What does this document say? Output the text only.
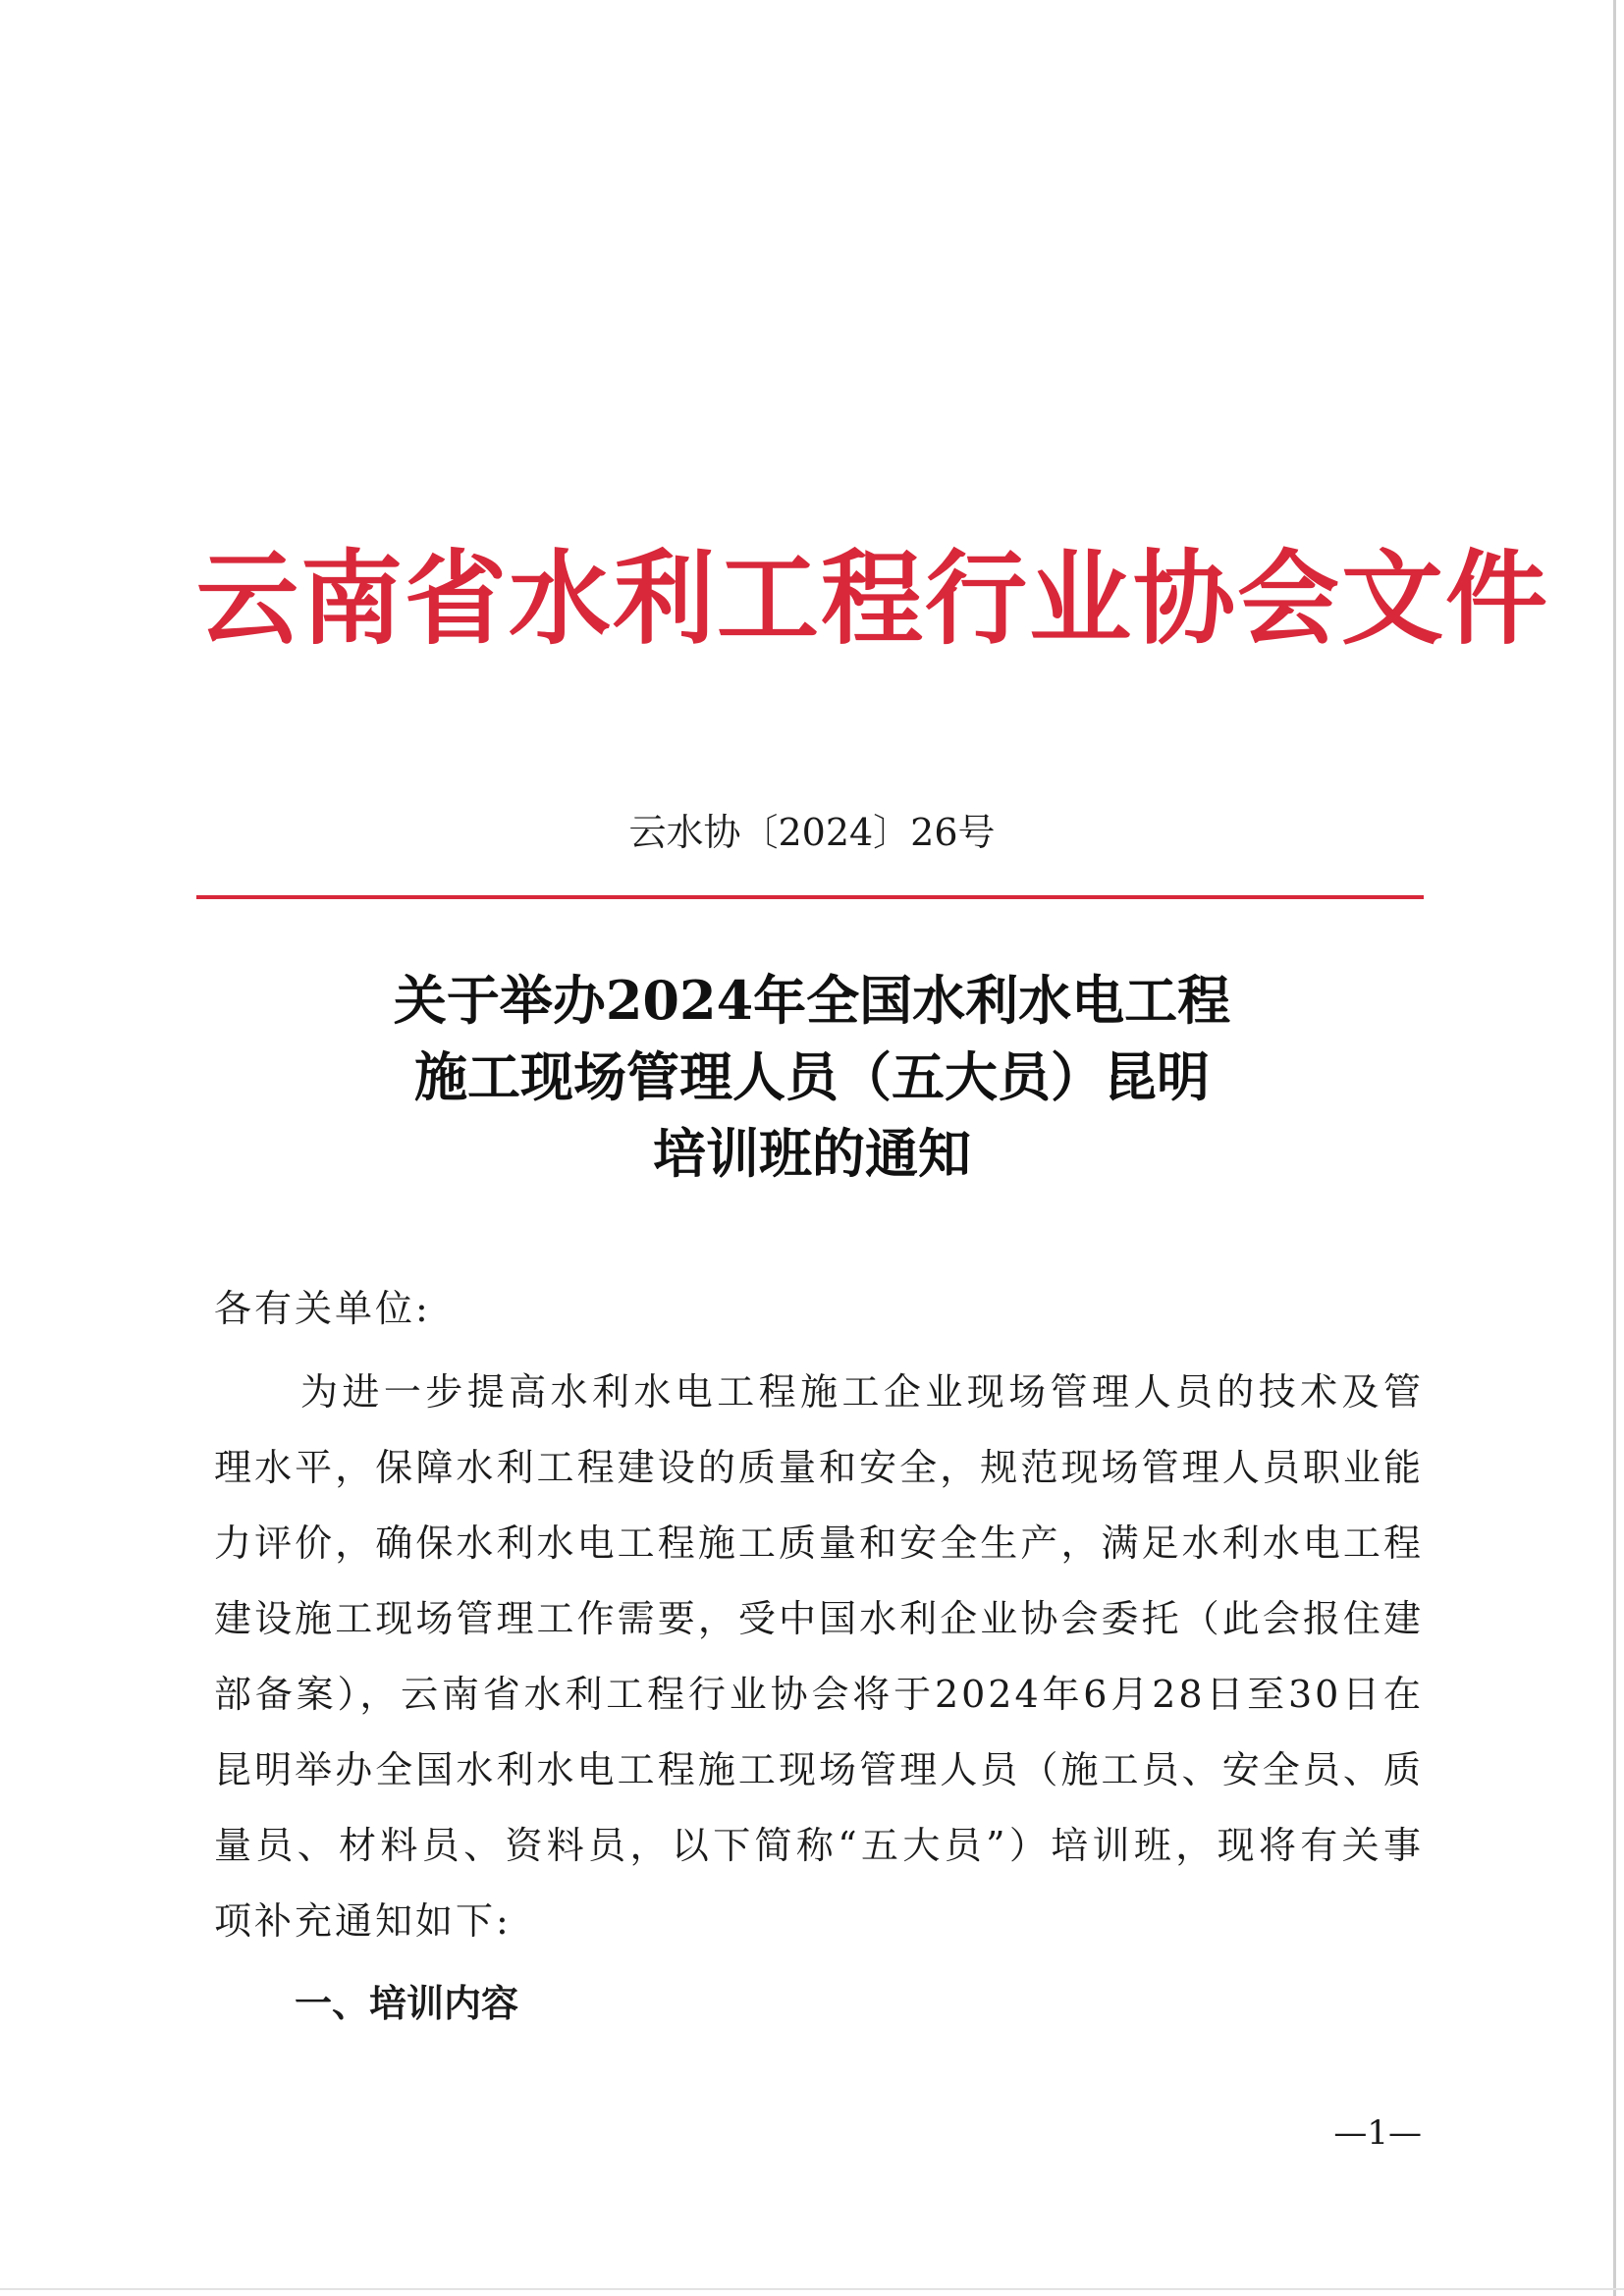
云南省水利工程行业协会文件
云水协〔2024〕26号
关于举办2024年全国水利水电工程
施工现场管理人员（五大员）昆明
培训班的通知
各有关单位:
为进一步提高水利水电工程施工企业现场管理人员的技术及管理水平，保障水利工程建设的质量和安全，规范现场管理人员职业能力评价，确保水利水电工程施工质量和安全生产，满足水利水电工程建设施工现场管理工作需要，受中国水利企业协会委托（此会报住建部备案），云南省水利工程行业协会将于2024年6月28日至30日在昆明举办全国水利水电工程施工现场管理人员（施工员、安全员、质量员、材料员、资料员，以下简称“五大员”）培训班，现将有关事项补充通知如下:
一、培训内容
—1—
